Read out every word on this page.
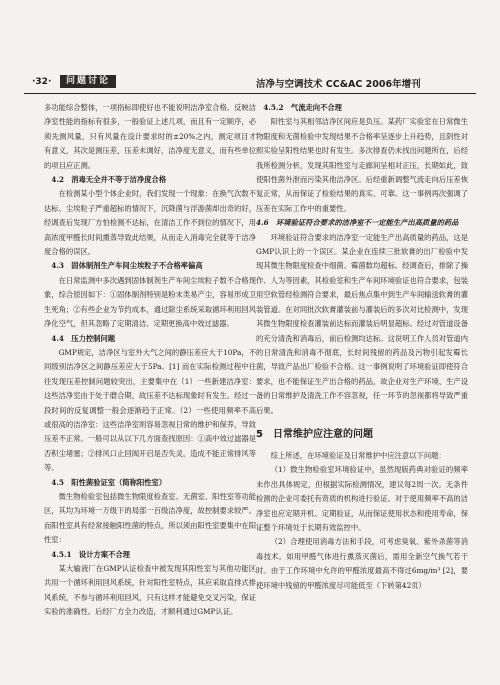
·32·	问题讨论	洁净与空调技术 CC&AC 2006年增刊

多功能综合整体，一项指标即使好也不能说明洁净室合格。反映洁净室性能的指标有很多，一般验证上述几项，而且有一定顺序，必须先测风量，只有风量在设计要求时的±20%之内，测定项目才有意义，其次是测压差，压差未调好，洁净度无意义，而有些单位的项目应正测。

4.2　消毒无全并不等于洁净度合格

在检测某小型个体企业时，我们发现一个现象：在换气次数不达标、尘埃粒子严重超标的情况下，沉降菌与浮游菌却出奇的好，经调查后发现厂方怕检测不达标，在清洁工作不到位的情况下，用高浓度甲醛长时间熏蒸导致此结果，从而走入消毒完全就等于洁净度合格的误区。

4.3　固体制剂生产车间尘埃粒子不合格率偏高

在日常监测中多次遇到固体制剂生产车间尘埃粒子数不合格现象，综合原因如下：①固体制剂特别是粉末类易产尘，容易形成卫生死角；②有些企业为节约成本，通过除尘系统采取循环利用回风净化空气，但其忽略了定期清洁、定期更换高中效过滤器。

4.4　压力控制问题

GMP规定，洁净区与室外大气之间的静压差应大于10Pa，不同级别洁净区之间静压差应大于5Pa。[1] 而在实际检测过程中往往发现压差控制问题较突出，主要集中在（1）一些新建洁净室：这些洁净室由于处于磨合期，故压差不达标现象时有发生。经过一段时间的反复调整一般会逐渐趋于正常。（2）一些使用频率不高或很高的洁净室：这些洁净室则容易忽视日常的维护和保养，导致压差不正常。一般可以从以下几方面查找原因：①高中效过滤器是否积尘堵塞；②排风口止回阀开启是否失灵，造成不能正常排风等等。

4.5　阳性菌验证室（简称阳性室）

微生物检验室包括微生物限度检查室、无菌室、阳性室等功能区，其均为环境一万级下的局部一百级洁净度，故控制要求较严。而阳性室具有经常接触阳性菌的特点，所以须由阳性室要集中在阳性室：

4.5.1　设计方案不合理

某大输液厂在GMP认证检查中被发现其阳性室与其他功能区共用一个循环利用回风系统，针对阳性室特点，其应采取直排式排风系统，不参与循环利用回风，只有这样才能避免交叉污染，保证实验的准确性。后经厂方全力改造，才顺利通过GMP认证。

4.5.2　气流走向不合理

阳性室与其相邻洁净区间应是负压。某药厂实验室在日常微生物限度和无菌检验中发现结果不合格率呈逐步上升趋势，且阴性对照实验呈阳性结果也时有发生。多次排查仍未找出问题所在，后经我所检测分析，发现其阳性室与走廊间呈相对正压，长期如此，致使阳性菌外泄而污染其他洁净区。后经重新调整气流走向后压差恢复正常，从而保证了检验结果的真实、可靠。这一事例再次强调了压差在实际工作中的重要性。

4.6　环境验证符合要求的洁净室不一定能生产出高质量的药品

环境验证符合要求的洁净室一定能生产出高质量的药品，这是GMP认识上的一个误区。某企业在连续三批软膏的出厂检验中发现其微生物限度检查中细菌、霉菌数均超标。经调查后，排除了操作、人为等因素，其检验室和生产车间环境验证也符合要求，包装用空软管经检测符合要求，最后焦点集中到生产车间输送软膏的灌装管道。在对同批次软膏灌装前与灌装后的多次对比检测中，发现其微生物限度检查灌装前达标而灌装后明显超标。经过对管道设备的充分清洗和消毒后，前后检测均达标。这说明工作人员对管道内的日常清洗和消毒不彻底，长时间残留的药品及污物引起发霉长菌，导致产品出厂检验不合格。这一事例说明了环境验证即使符合要求，也不能保证生产出合格的药品，故企业对生产环境、生产设备的日常维护及清洗工作不容忽视，任一环节的忽视都将导致严重后果。

5　日常维护应注意的问题

综上所述，在环境验证及日常维护中应注意以下问题：

（1）微生物检验室环境验证中，虽然现版药典对验证的频率未作出具体规定，但根据实际检测情况，建议每2周一次。无条件检测的企业可委托有资质的机构进行验证。对于使用频率不高的洁净室也应定期开机、定期验证，从而保证使用状态和使用寿命，保证整个环境处于长期有效监控中。

（2）合理使用消毒方法和手段，可考虑臭氧、紫外杀菌等消毒技术。如用甲醛气体进行熏蒸灭菌后，需用全新空气换气若干时。由于工作环境中允许的甲醛浓度最高不得过6mg/m³ [2]，要使环境中残留的甲醛浓度尽可能低至（下转第42页）
